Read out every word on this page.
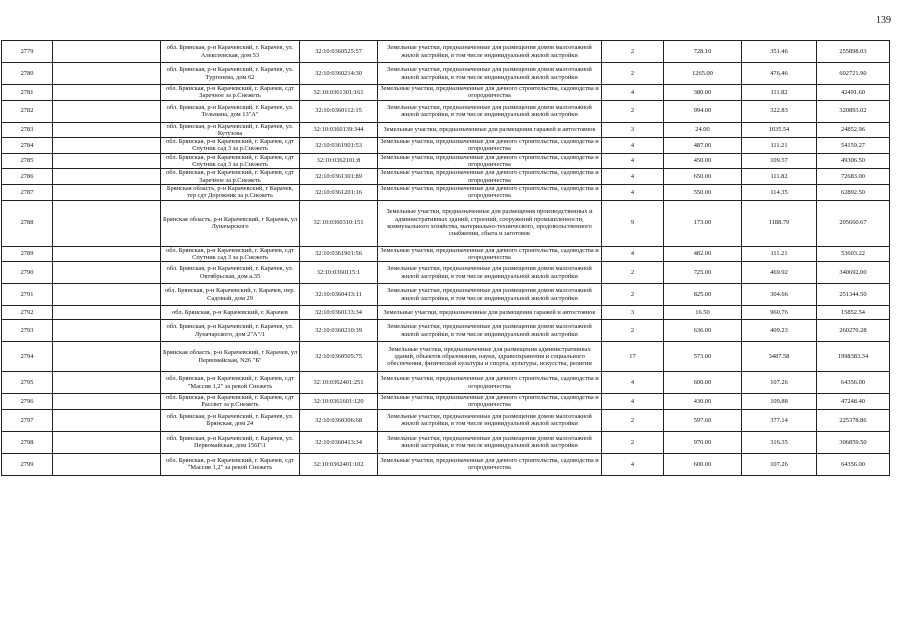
139
2779		обл. Брянская, р-н Карачевский, г. Карачев, ул. Алексеевская, дом 53	32:10:0360525:57	Земельные участки, предназначенные для размещения домов малоэтажной жилой застройки, в том числе индивидуальной жилой застройки	2	728.10	351.46	255898.03
2780		обл. Брянская, р-н Карачевский, г. Карачев, ул. Тургенева, дом 62	32:10:0360214:30	Земельные участки, предназначенные для размещения домов малоэтажной жилой застройки, в том числе индивидуальной жилой застройки	2	1265.00	476.46	602721.90
2781		обл. Брянская, р-н Карачевский, г. Карачев, сдт Заречное за р.Снежеть	32:10:0361301:161	Земельные участки, предназначенные для дачного строительства, садоводства и огородничества	4	380.00	111.82	42491.60
2782		обл. Брянская, р-н Карачевский, г. Карачев, ул. Тельмана, дом 13"А"	32:10:0360112:15	Земельные участки, предназначенные для размещения домов малоэтажной жилой застройки, в том числе индивидуальной жилой застройки	2	994.00	322.83	320893.02
2783		обл. Брянская, р-н Карачевский, г. Карачев, ул. Кутузова	32:10:0360139:344	Земельные участки, предназначенные для размещения гаражей и автостоянок	3	24.00	1035.54	24852.96
2784		обл. Брянская, р-н Карачевский, г. Карачев, сдт Спутник сад 3 за р.Снежеть	32:10:0361901:53	Земельные участки, предназначенные для дачного строительства, садоводства и огородничества	4	487.00	111.21	54159.27
2785		обл. Брянская, р-н Карачевский, г. Карачев, сдт Спутник сад 3 за р.Снежеть	32:10:0362101:8	Земельные участки, предназначенные для дачного строительства, садоводства и огородничества	4	450.00	109.57	49306.50
2786		обл. Брянская, р-н Карачевский, г. Карачев, сдт Заречное за р.Снежеть	32:10:0361301:89	Земельные участки, предназначенные для дачного строительства, садоводства и огородничества	4	650.00	111.82	72683.00
2787		Брянская область, р-н Карачевский, г Карачев, тер сдт Дорожник за р.Снежеть	32:10:0361201:16	Земельные участки, предназначенные для дачного строительства, садоводства и огородничества	4	550.00	114.35	62892.50
2788		Брянская область, р-н Карачевский, г Карачев, ул Луначарского	32:10:0360310:151	Земельные участки, предназначенные для размещения производственных и административных зданий, строений, сооружений промышленности, коммунального хозяйства, материально-технического, продовольственного снабжения, сбыта и заготовок	9	173.00	1188.79	205660.67
2789		обл. Брянская, р-н Карачевский, г. Карачев, сдт Спутник сад 3 за р.Снежеть	32:10:0361901:56	Земельные участки, предназначенные для дачного строительства, садоводства и огородничества	4	482.00	111.21	53603.22
2790		обл. Брянская, р-н Карачевский, г. Карачев, ул. Октябрьская, дом а.35	32:10:0360115:1	Земельные участки, предназначенные для размещения домов малоэтажной жилой застройки, в том числе индивидуальной жилой застройки	2	725.00	469.92	340692.00
2791		обл. Брянская, р-н Карачевский, г. Карачев, пер. Садовый, дом 29	32:10:0360413:11	Земельные участки, предназначенные для размещения домов малоэтажной жилой застройки, в том числе индивидуальной жилой застройки	2	825.00	304.66	251344.50
2792		обл. Брянская, р-н Карачевский, г. Карачев	32:10:0360133:34	Земельные участки, предназначенные для размещения гаражей и автостоянок	3	16.50	960.76	15852.54
2793		обл. Брянская, р-н Карачевский, г. Карачев, ул. Луначарского, дом 2"А"/1	32:10:0360210:39	Земельные участки, предназначенные для размещения домов малоэтажной жилой застройки, в том числе индивидуальной жилой застройки	2	636.00	409.23	260270.28
2794		Брянская область, р-н Карачевский, г Карачев, ул Первомайская, N26 "Б"	32:10:0360505:75	Земельные участки, предназначенные для размещения административных зданий, объектов образования, науки, здравоохранения и социального обеспечения, физической культуры и спорта, культуры, искусства, религии	17	573.00	3487.58	1998383.34
2795		обл. Брянская, р-н Карачевский, г. Карачев, сдт "Массив 1,2" за рекой Снежеть	32:10:0362401:251	Земельные участки, предназначенные для дачного строительства, садоводства и огородничества	4	600.00	107.26	64356.00
2796		обл. Брянская, р-н Карачевский, г. Карачев, сдт Рассвет за р.Снежеть	32:10:0361601:120	Земельные участки, предназначенные для дачного строительства, садоводства и огородничества	4	430.00	109.88	47248.40
2797		обл. Брянская, р-н Карачевский, г. Карачев, ул. Брянская, дом 24	32:10:0360306:68	Земельные участки, предназначенные для размещения домов малоэтажной жилой застройки, в том числе индивидуальной жилой застройки	2	597.60	377.14	225378.86
2798		обл. Брянская, р-н Карачевский, г. Карачев, ул. Первомайская, дом 156Г\1	32:10:0360413:34	Земельные участки, предназначенные для размещения домов малоэтажной жилой застройки, в том числе индивидуальной жилой застройки	2	970.00	316.35	306859.50
2799		обл. Брянская, р-н Карачевский, г. Карачев, сдт "Массив 1,2" за рекой Снежеть	32:10:0362401:102	Земельные участки, предназначенные для дачного строительства, садоводства и огородничества	4	600.00	107.26	64356.00
